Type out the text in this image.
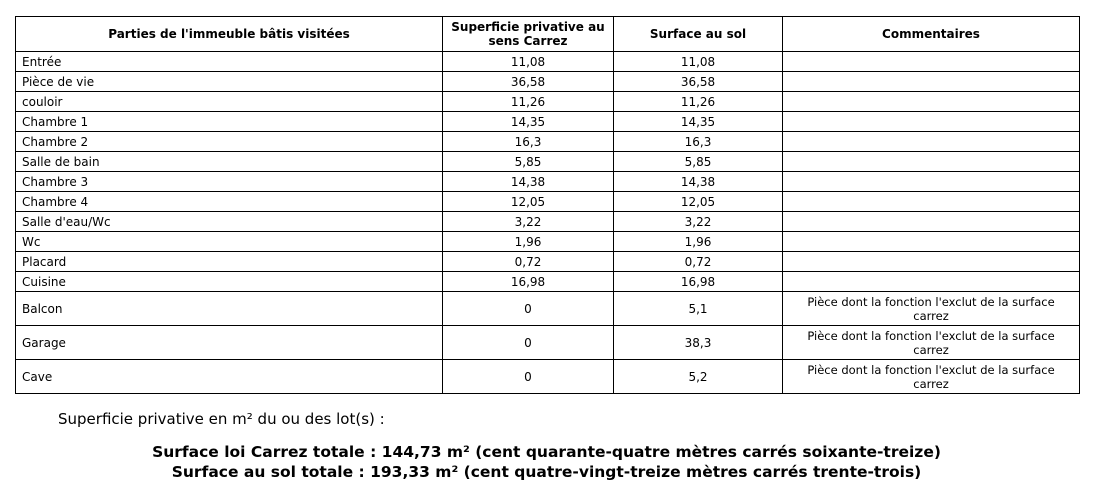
Parties de l'immeuble bâtis visitées	Superficie privative au sens Carrez	Surface au sol	Commentaires
Entrée	11,08	11,08	
Pièce de vie	36,58	36,58	
couloir	11,26	11,26	
Chambre 1	14,35	14,35	
Chambre 2	16,3	16,3	
Salle de bain	5,85	5,85	
Chambre 3	14,38	14,38	
Chambre 4	12,05	12,05	
Salle d'eau/Wc	3,22	3,22	
Wc	1,96	1,96	
Placard	0,72	0,72	
Cuisine	16,98	16,98	
Balcon	0	5,1	Pièce dont la fonction l'exclut de la surface carrez
Garage	0	38,3	Pièce dont la fonction l'exclut de la surface carrez
Cave	0	5,2	Pièce dont la fonction l'exclut de la surface carrez
Superficie privative en m² du ou des lot(s) :
Surface loi Carrez totale : 144,73 m² (cent quarante-quatre mètres carrés soixante-treize)
Surface au sol totale : 193,33 m² (cent quatre-vingt-treize mètres carrés trente-trois)
